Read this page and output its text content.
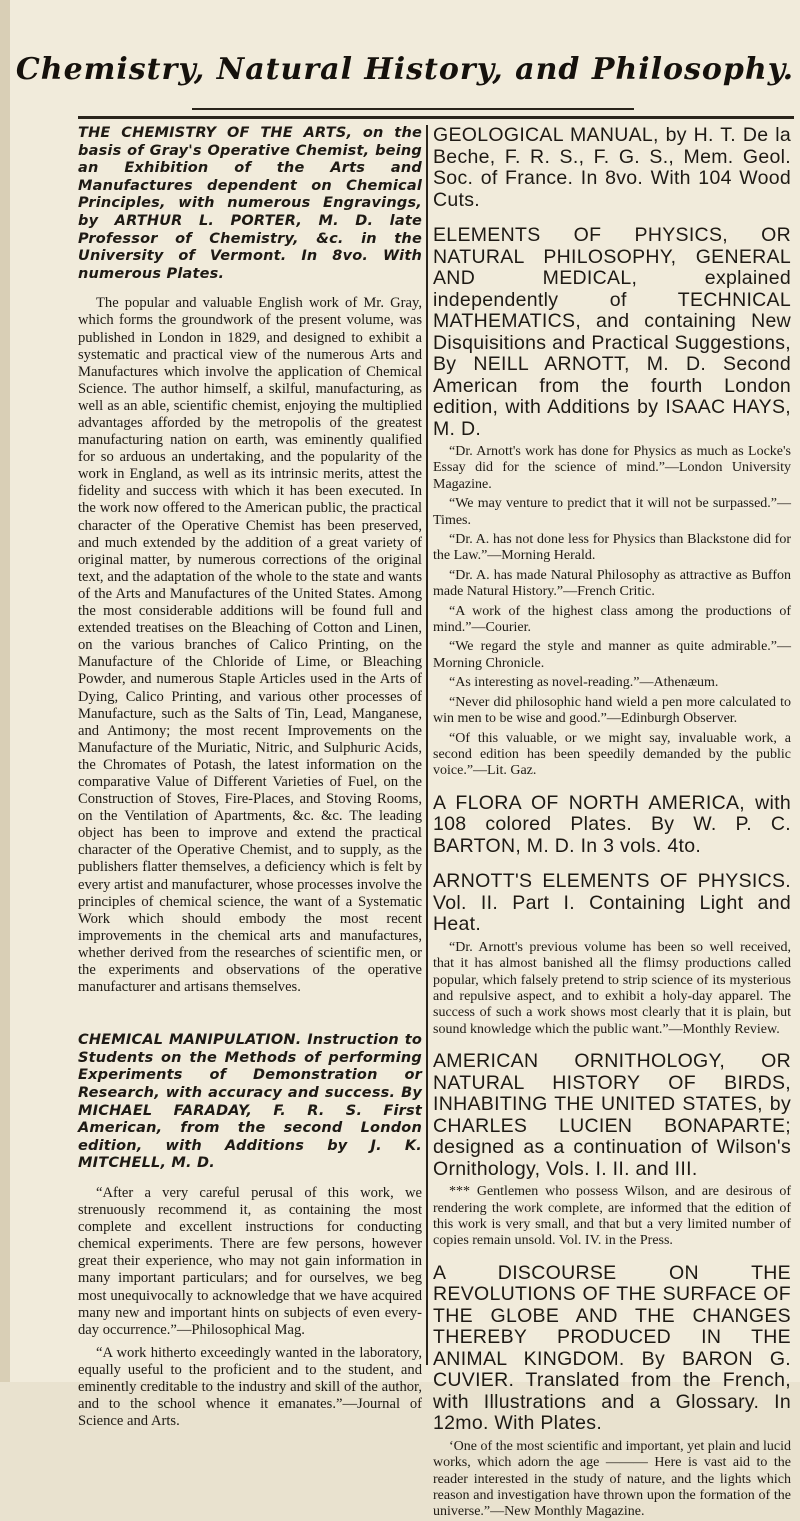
Chemistry, Natural History, and Philosophy.
THE CHEMISTRY OF THE ARTS, on the basis of Gray's Operative Chemist, being an Exhibition of the Arts and Manufactures dependent on Chemical Principles, with numerous Engravings, by ARTHUR L. PORTER, M. D. late Professor of Chemistry, &c. in the University of Vermont. In 8vo. With numerous Plates.

The popular and valuable English work of Mr. Gray, which forms the groundwork of the present volume, was published in London in 1829, and designed to exhibit a systematic and practical view of the numerous Arts and Manufactures which involve the application of Chemical Science. The author himself, a skilful, manufacturing, as well as an able, scientific chemist, enjoying the multiplied advantages afforded by the metropolis of the greatest manufacturing nation on earth, was eminently qualified for so arduous an undertaking, and the popularity of the work in England, as well as its intrinsic merits, attest the fidelity and success with which it has been executed. In the work now offered to the American public, the practical character of the Operative Chemist has been preserved, and much extended by the addition of a great variety of original matter, by numerous corrections of the original text, and the adaptation of the whole to the state and wants of the Arts and Manufactures of the United States. Among the most considerable additions will be found full and extended treatises on the Bleaching of Cotton and Linen, on the various branches of Calico Printing, on the Manufacture of the Chloride of Lime, or Bleaching Powder, and numerous Staple Articles used in the Arts of Dying, Calico Printing, and various other processes of Manufacture, such as the Salts of Tin, Lead, Manganese, and Antimony; the most recent Improvements on the Manufacture of the Muriatic, Nitric, and Sulphuric Acids, the Chromates of Potash, the latest information on the comparative Value of Different Varieties of Fuel, on the Construction of Stoves, Fire-Places, and Stoving Rooms, on the Ventilation of Apartments, &c. &c. The leading object has been to improve and extend the practical character of the Operative Chemist, and to supply, as the publishers flatter themselves, a deficiency which is felt by every artist and manufacturer, whose processes involve the principles of chemical science, the want of a Systematic Work which should embody the most recent improvements in the chemical arts and manufactures, whether derived from the researches of scientific men, or the experiments and observations of the operative manufacturer and artisans themselves.

CHEMICAL MANIPULATION. Instruction to Students on the Methods of performing Experiments of Demonstration or Research, with accuracy and success. By MICHAEL FARADAY, F. R. S. First American, from the second London edition, with Additions by J. K. MITCHELL, M. D.

“After a very careful perusal of this work, we strenuously recommend it, as containing the most complete and excellent instructions for conducting chemical experiments. There are few persons, however great their experience, who may not gain information in many important particulars; and for ourselves, we beg most unequivocally to acknowledge that we have acquired many new and important hints on subjects of even every-day occurrence.”—Philosophical Mag.

“A work hitherto exceedingly wanted in the laboratory, equally useful to the proficient and to the student, and eminently creditable to the industry and skill of the author, and to the school whence it emanates.”—Journal of Science and Arts.

GEOLOGICAL MANUAL, by H. T. De la Beche, F. R. S., F. G. S., Mem. Geol. Soc. of France. In 8vo. With 104 Wood Cuts.
ELEMENTS OF PHYSICS, OR NATURAL PHILOSOPHY, GENERAL AND MEDICAL, explained independently of TECHNICAL MATHEMATICS, and containing New Disquisitions and Practical Suggestions, By NEILL ARNOTT, M. D. Second American from the fourth London edition, with Additions by ISAAC HAYS, M. D.

“Dr. Arnott's work has done for Physics as much as Locke's Essay did for the science of mind.”—London University Magazine.

“We may venture to predict that it will not be surpassed.”—Times.

“Dr. A. has not done less for Physics than Blackstone did for the Law.”—Morning Herald.

“Dr. A. has made Natural Philosophy as attractive as Buffon made Natural History.”—French Critic.

“A work of the highest class among the productions of mind.”—Courier.

“We regard the style and manner as quite admirable.”—Morning Chronicle.

“As interesting as novel-reading.”—Athenæum.

“Never did philosophic hand wield a pen more calculated to win men to be wise and good.”—Edinburgh Observer.

“Of this valuable, or we might say, invaluable work, a second edition has been speedily demanded by the public voice.”—Lit. Gaz.

A FLORA OF NORTH AMERICA, with 108 colored Plates. By W. P. C. BARTON, M. D. In 3 vols. 4to.
ARNOTT'S ELEMENTS OF PHYSICS. Vol. II. Part I. Containing Light and Heat.

“Dr. Arnott's previous volume has been so well received, that it has almost banished all the flimsy productions called popular, which falsely pretend to strip science of its mysterious and repulsive aspect, and to exhibit a holy-day apparel. The success of such a work shows most clearly that it is plain, but sound knowledge which the public want.”—Monthly Review.

AMERICAN ORNITHOLOGY, OR NATURAL HISTORY OF BIRDS, INHABITING THE UNITED STATES, by CHARLES LUCIEN BONAPARTE; designed as a continuation of Wilson's Ornithology, Vols. I. II. and III.

*** Gentlemen who possess Wilson, and are desirous of rendering the work complete, are informed that the edition of this work is very small, and that but a very limited number of copies remain unsold. Vol. IV. in the Press.

A DISCOURSE ON THE REVOLUTIONS OF THE SURFACE OF THE GLOBE AND THE CHANGES THEREBY PRODUCED IN THE ANIMAL KINGDOM. By BARON G. CUVIER. Translated from the French, with Illustrations and a Glossary. In 12mo. With Plates.

‘One of the most scientific and important, yet plain and lucid works, which adorn the age ——— Here is vast aid to the reader interested in the study of nature, and the lights which reason and investigation have thrown upon the formation of the universe.”—New Monthly Magazine.
